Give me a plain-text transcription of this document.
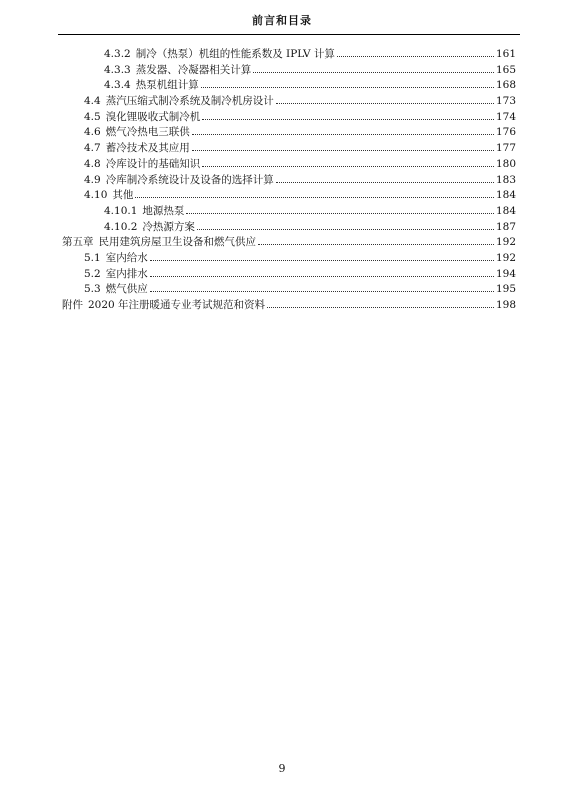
前言和目录
4.3.2 制冷（热泵）机组的性能系数及 IPLV 计算	161
4.3.3 蒸发器、冷凝器相关计算	165
4.3.4 热泵机组计算	168
4.4 蒸汽压缩式制冷系统及制冷机房设计	173
4.5 溴化锂吸收式制冷机	174
4.6 燃气冷热电三联供	176
4.7 蓄冷技术及其应用	177
4.8 冷库设计的基础知识	180
4.9 冷库制冷系统设计及设备的选择计算	183
4.10 其他	184
4.10.1 地源热泵	184
4.10.2 冷热源方案	187
第五章 民用建筑房屋卫生设备和燃气供应	192
5.1 室内给水	192
5.2 室内排水	194
5.3 燃气供应	195
附件 2020 年注册暖通专业考试规范和资料	198
9
